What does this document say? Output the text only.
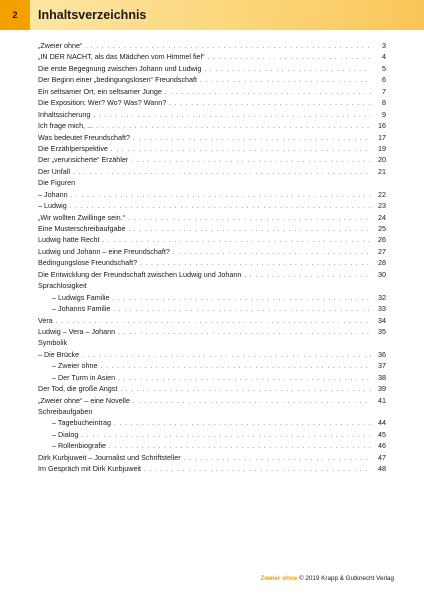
2	Inhaltsverzeichnis
„Zweier ohne“ . . .	3
„IN DER NACHT, als das Mädchen vom Himmel fiel“ . . .	4
Die erste Begegnung zwischen Johann und Ludwig . . .	5
Der Beginn einer „bedingungslosen“ Freundschaft . . .	6
Ein seltsamer Ort, ein seltsamer Junge . . .	7
Die Exposition: Wer? Wo? Was? Wann? . . .	8
Inhaltssicherung . . .	9
Ich frage mich, ... . . .	16
Was bedeutet Freundschaft? . . .	17
Die Erzählperspektive . . .	19
Der „verunsicherte“ Erzähler . . .	20
Der Unfall . . .	21
Die Figuren
– Johann . . .	22
– Ludwig . . .	23
„Wir wollten Zwillinge sein.“ . . .	24
Eine Musterschreibaufgabe . . .	25
Ludwig hatte Recht . . .	26
Ludwig und Johann – eine Freundschaft? . . .	27
Bedingungslose Freundschaft? . . .	28
Die Entwicklung der Freundschaft zwischen Ludwig und Johann . . .	30
Sprachlosigkeit
– Ludwigs Familie . . .	32
– Johanns Familie . . .	33
Vera . . .	34
Ludwig – Vera – Johann . . .	35
Symbolik
– Die Brücke . . .	36
– Zweier ohne . . .	37
– Der Turm in Asien . . .	38
Der Tod, die große Angst . . .	39
„Zweier ohne“ – eine Novelle . . .	41
Schreibaufgaben
– Tagebucheintrag . . .	44
– Dialog . . .	45
– Rollenbiografie . . .	46
Dirk Kurbjuweit – Journalist und Schriftsteller . . .	47
Im Gespräch mit Dirk Kurbjuweit . . .	48
Zweier ohne © 2019 Krapp & Gutknecht Verlag
